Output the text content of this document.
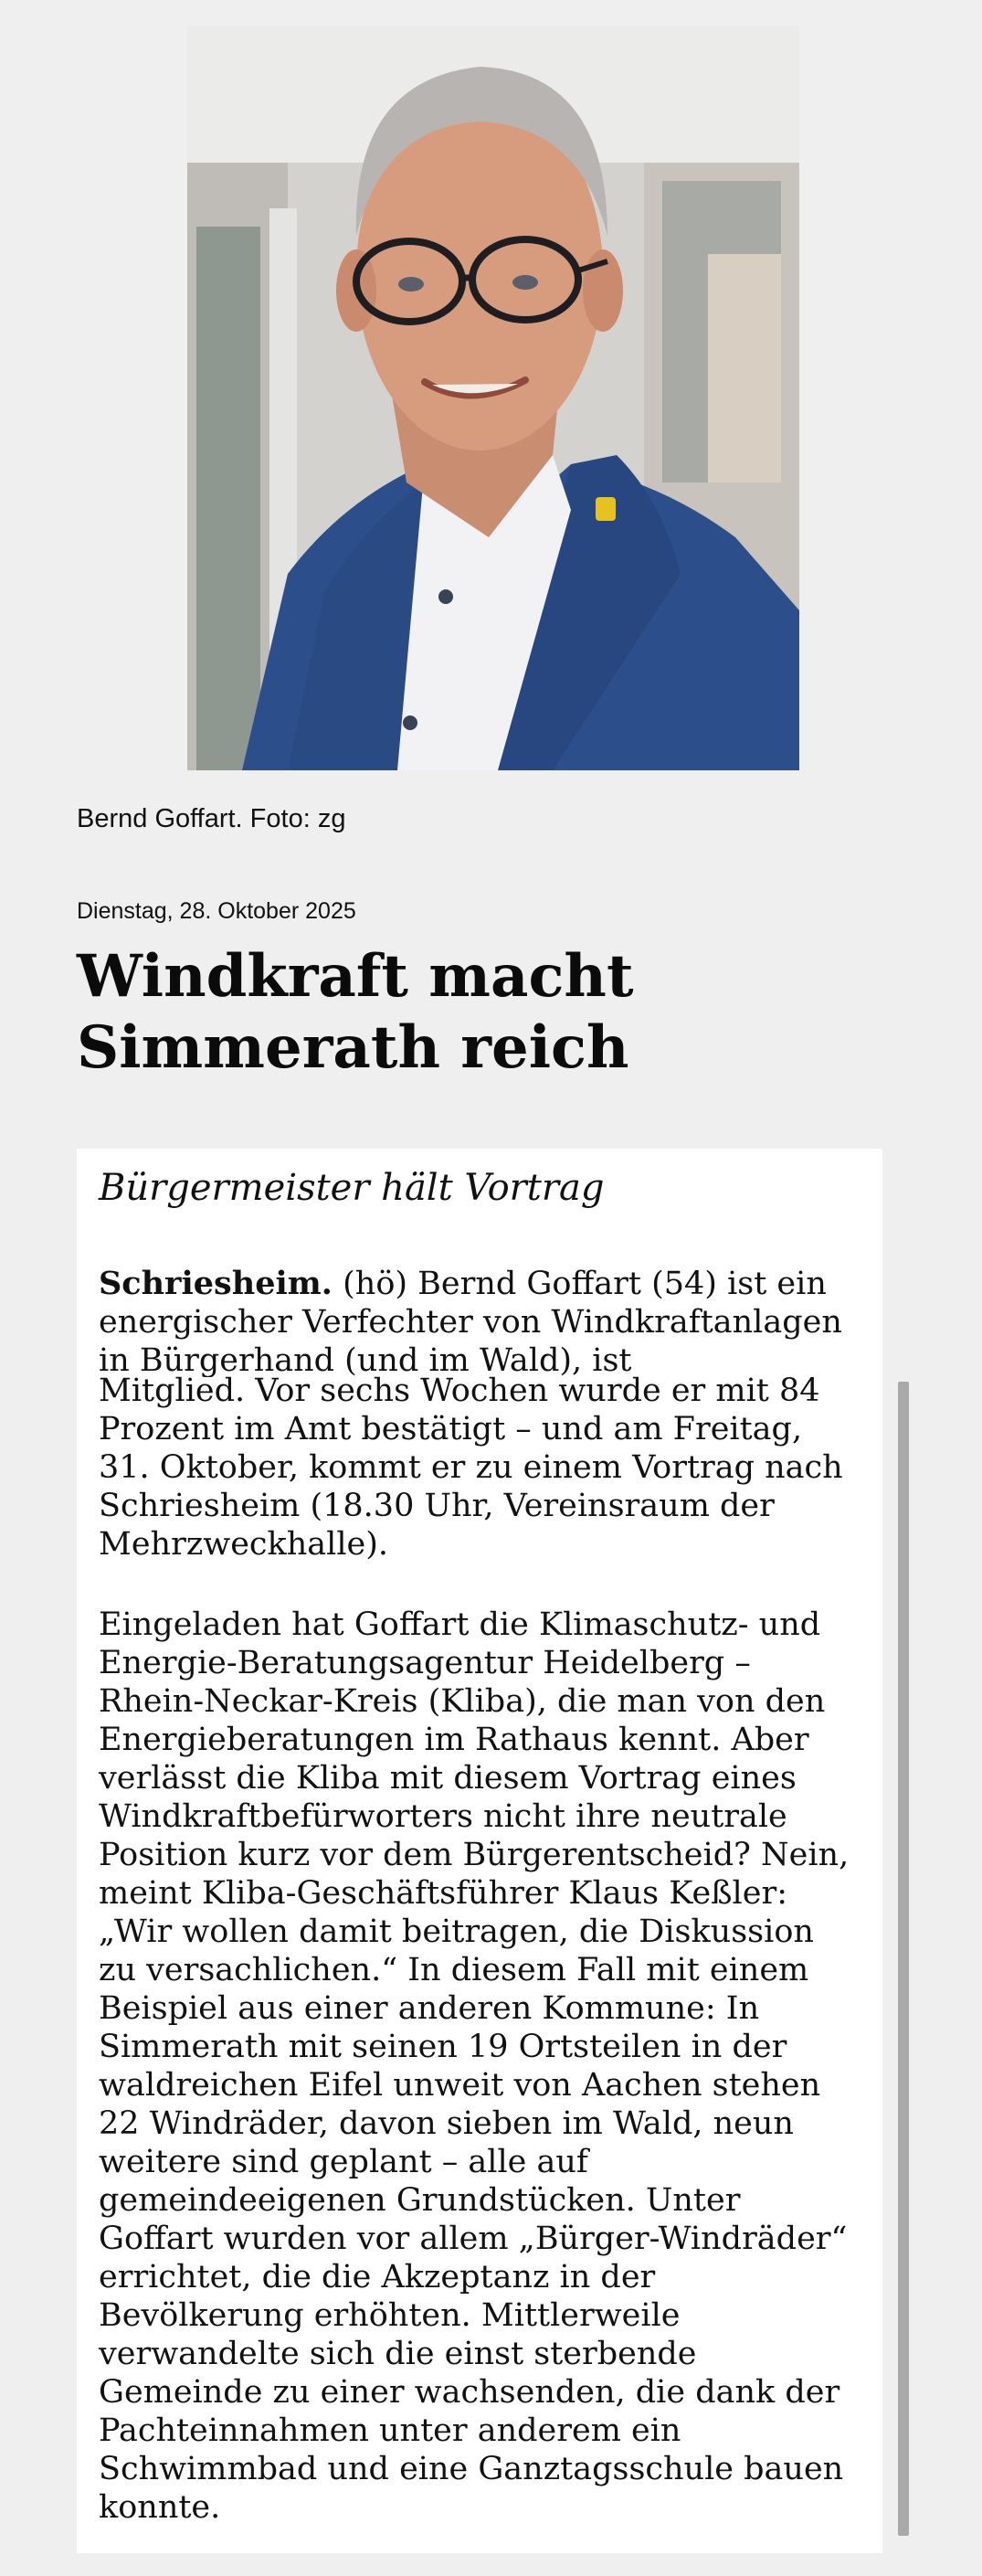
Bernd Goffart. Foto: zg
Dienstag, 28. Oktober 2025
Windkraft macht
Simmerath reich
Bürgermeister hält Vortrag

Schriesheim. (hö) Bernd Goffart (54) ist ein energischer Verfechter von Windkraftanlagen in Bürgerhand (und im Wald), ist

Mitglied. Vor sechs Wochen wurde er mit 84 Prozent im Amt bestätigt – und am Freitag, 31. Oktober, kommt er zu einem Vortrag nach Schriesheim (18.30 Uhr, Vereinsraum der Mehrzweckhalle).

Eingeladen hat Goffart die Klimaschutz- und Energie-Beratungsagentur Heidelberg – Rhein-Neckar-Kreis (Kliba), die man von den Energieberatungen im Rathaus kennt. Aber verlässt die Kliba mit diesem Vortrag eines Windkraftbefürworters nicht ihre neutrale Position kurz vor dem Bürgerentscheid? Nein, meint Kliba-Geschäftsführer Klaus Keßler: „Wir wollen damit beitragen, die Diskussion zu versachlichen.“ In diesem Fall mit einem Beispiel aus einer anderen Kommune: In Simmerath mit seinen 19 Ortsteilen in der waldreichen Eifel unweit von Aachen stehen 22 Windräder, davon sieben im Wald, neun weitere sind geplant – alle auf gemeindeeigenen Grundstücken. Unter Goffart wurden vor allem „Bürger-Windräder“ errichtet, die die Akzeptanz in der Bevölkerung erhöhten. Mittlerweile verwandelte sich die einst sterbende Gemeinde zu einer wachsenden, die dank der Pachteinnahmen unter anderem ein Schwimmbad und eine Ganztagsschule bauen konnte.
